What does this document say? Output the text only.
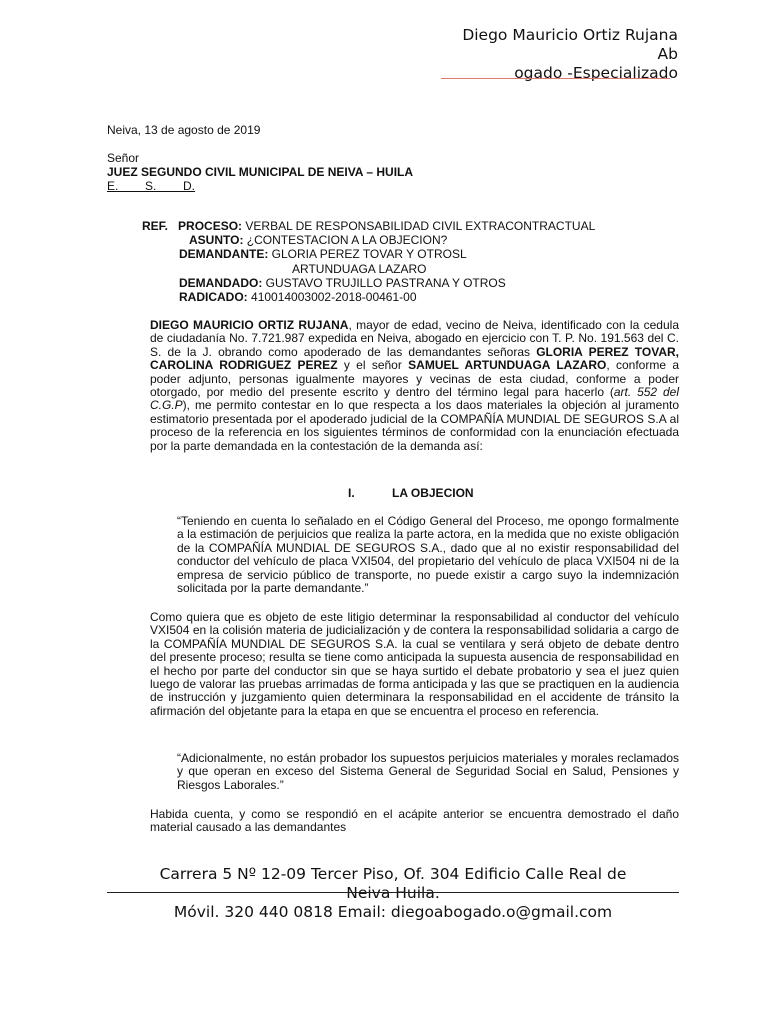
Diego Mauricio Ortiz Rujana
Ab
ogado -Especializado
Neiva, 13 de agosto de 2019
Señor
JUEZ SEGUNDO CIVIL MUNICIPAL DE NEIVA – HUILA
E.        S.        D.
REF. PROCESO: VERBAL DE RESPONSABILIDAD CIVIL EXTRACONTRACTUAL
ASUNTO: ¿CONTESTACION A LA OBJECION?
DEMANDANTE: GLORIA PEREZ TOVAR Y OTROSL
ARTUNDUAGA LAZARO
DEMANDADO: GUSTAVO TRUJILLO PASTRANA Y OTROS
RADICADO: 410014003002-2018-00461-00
DIEGO MAURICIO ORTIZ RUJANA, mayor de edad, vecino de Neiva, identificado con la cedula de ciudadanía No. 7.721.987 expedida en Neiva, abogado en ejercicio con T. P. No. 191.563 del C. S. de la J. obrando como apoderado de las demandantes señoras GLORIA PEREZ TOVAR, CAROLINA RODRIGUEZ PEREZ y el señor SAMUEL ARTUNDUAGA LAZARO, conforme a poder adjunto, personas igualmente mayores y vecinas de esta ciudad, conforme a poder otorgado, por medio del presente escrito y dentro del término legal para hacerlo (art. 552 del C.G.P), me permito contestar en lo que respecta a los daos materiales la objeción al juramento estimatorio presentada por el apoderado judicial de la COMPAÑÍA MUNDIAL DE SEGUROS S.A al proceso de la referencia en los siguientes términos de conformidad con la enunciación efectuada por la parte demandada en la contestación de la demanda así:
I.	LA OBJECION
“Teniendo en cuenta lo señalado en el Código General del Proceso, me opongo formalmente a la estimación de perjuicios que realiza la parte actora, en la medida que no existe obligación de la COMPAÑÍA MUNDIAL DE SEGUROS S.A., dado que al no existir responsabilidad del conductor del vehículo de placa VXI504, del propietario del vehículo de placa VXI504 ni de la empresa de servicio público de transporte, no puede existir a cargo suyo la indemnización solicitada por la parte demandante.”
Como quiera que es objeto de este litigio determinar la responsabilidad al conductor del vehículo VXI504 en la colisión materia de judicialización y de contera la responsabilidad solidaria a cargo de la COMPAÑÍA MUNDIAL DE SEGUROS S.A. la cual se ventilara y será objeto de debate dentro del presente proceso; resulta se tiene como anticipada la supuesta ausencia de responsabilidad en el hecho por parte del conductor sin que se haya surtido el debate probatorio y sea el juez quien luego de valorar las pruebas arrimadas de forma anticipada y las que se practiquen en la audiencia de instrucción y juzgamiento quien determinara la responsabilidad en el accidente de tránsito la afirmación del objetante para la etapa en que se encuentra el proceso en referencia.
“Adicionalmente, no están probador los supuestos perjuicios materiales y morales reclamados y que operan en exceso del Sistema General de Seguridad Social en Salud, Pensiones y Riesgos Laborales.”
Habida cuenta, y como se respondió en el acápite anterior se encuentra demostrado el daño material causado a las demandantes
Carrera 5 Nº 12-09 Tercer Piso, Of. 304 Edificio Calle Real de
Neiva Huila.
Móvil. 320 440 0818 Email: diegoabogado.o@gmail.com
